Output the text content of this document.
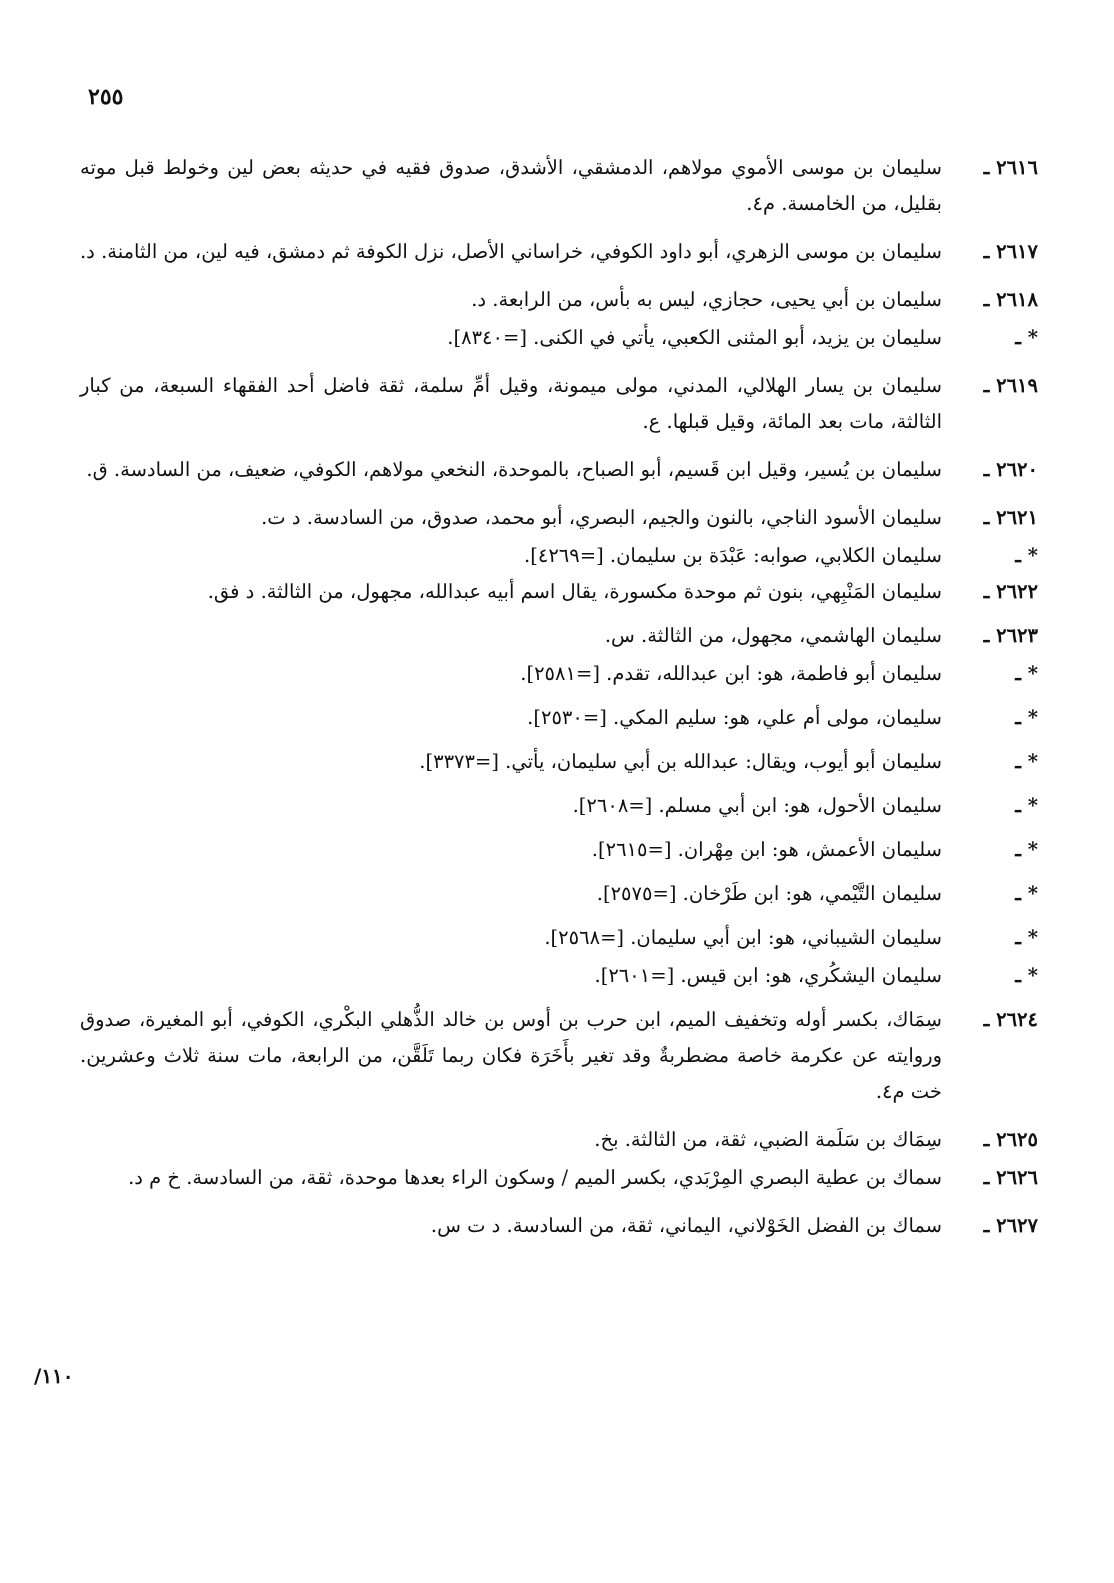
٢٥٥
١١٠/
٢٦١٦ ـ
سليمان بن موسى الأموي مولاهم، الدمشقي، الأشدق، صدوق فقيه في حديثه بعض لين وخولط قبل موته بقليل، من الخامسة. م٤.
٢٦١٧ ـ
سليمان بن موسى الزهري، أبو داود الكوفي، خراساني الأصل، نزل الكوفة ثم دمشق، فيه لين، من الثامنة. د.
٢٦١٨ ـ
سليمان بن أبي يحيى، حجازي، ليس به بأس، من الرابعة. د.
* ـ
سليمان بن يزيد، أبو المثنى الكعبي، يأتي في الكنى. [=٨٣٤٠].
٢٦١٩ ـ
سليمان بن يسار الهلالي، المدني، مولى ميمونة، وقيل أمِّ سلمة، ثقة فاضل أحد الفقهاء السبعة، من كبار الثالثة، مات بعد المائة، وقيل قبلها. ع.
٢٦٢٠ ـ
سليمان بن يُسير، وقيل ابن قَسيم، أبو الصباح، بالموحدة، النخعي مولاهم، الكوفي، ضعيف، من السادسة. ق.
٢٦٢١ ـ
سليمان الأسود الناجي، بالنون والجيم، البصري، أبو محمد، صدوق، من السادسة. د ت.
* ـ
سليمان الكلابي، صوابه: عَبْدَة بن سليمان. [=٤٢٦٩].
٢٦٢٢ ـ
سليمان المَنْبِهي، بنون ثم موحدة مكسورة، يقال اسم أبيه عبدالله، مجهول، من الثالثة. د فق.
٢٦٢٣ ـ
سليمان الهاشمي، مجهول، من الثالثة. س.
* ـ
سليمان أبو فاطمة، هو: ابن عبدالله، تقدم. [=٢٥٨١].
* ـ
سليمان، مولى أم علي، هو: سليم المكي. [=٢٥٣٠].
* ـ
سليمان أبو أيوب، ويقال: عبدالله بن أبي سليمان، يأتي. [=٣٣٧٣].
* ـ
سليمان الأحول، هو: ابن أبي مسلم. [=٢٦٠٨].
* ـ
سليمان الأعمش، هو: ابن مِهْران. [=٢٦١٥].
* ـ
سليمان التَّيْمي، هو: ابن طَرْخان. [=٢٥٧٥].
* ـ
سليمان الشيباني، هو: ابن أبي سليمان. [=٢٥٦٨].
* ـ
سليمان اليشكُري، هو: ابن قيس. [=٢٦٠١].
٢٦٢٤ ـ
سِمَاك، بكسر أوله وتخفيف الميم، ابن حرب بن أوس بن خالد الذُّهلي البكْري، الكوفي، أبو المغيرة، صدوق وروايته عن عكرمة خاصة مضطربةٌ وقد تغير بأَخَرَة فكان ربما تَلَقَّن، من الرابعة، مات سنة ثلاث وعشرين. خت م٤.
٢٦٢٥ ـ
سِمَاك بن سَلَمة الضبي، ثقة، من الثالثة. بخ.
٢٦٢٦ ـ
سماك بن عطية البصري المِرْبَدي، بكسر الميم / وسكون الراء بعدها موحدة، ثقة، من السادسة. خ م د.
٢٦٢٧ ـ
سماك بن الفضل الخَوْلاني، اليماني، ثقة، من السادسة. د ت س.
